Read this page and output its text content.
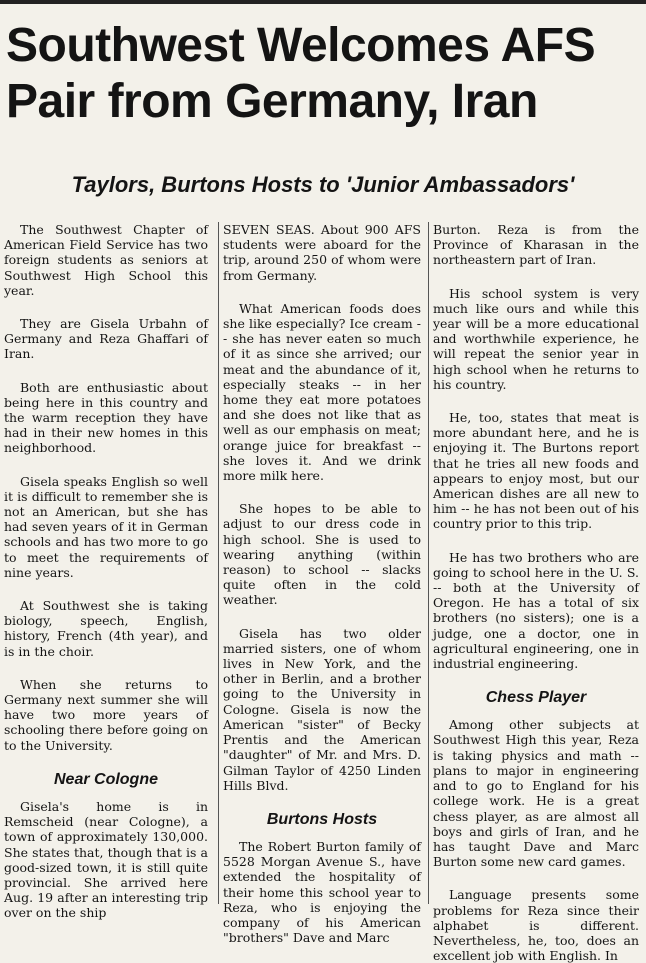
Southwest Welcomes AFS Pair from Germany, Iran
Taylors, Burtons Hosts to 'Junior Ambassadors'

The Southwest Chapter of American Field Service has two foreign students as seniors at Southwest High School this year.

They are Gisela Urbahn of Germany and Reza Ghaffari of Iran.

Both are enthusiastic about being here in this country and the warm reception they have had in their new homes in this neighborhood.

Gisela speaks English so well it is difficult to remember she is not an American, but she has had seven years of it in German schools and has two more to go to meet the requirements of nine years.

At Southwest she is taking biology, speech, English, history, French (4th year), and is in the choir.

When she returns to Germany next summer she will have two more years of schooling there before going on to the University.

Near Cologne

Gisela's home is in Remscheid (near Cologne), a town of approximately 130,000. She states that, though that is a good-sized town, it is still quite provincial. She arrived here Aug. 19 after an interesting trip over on the ship

SEVEN SEAS. About 900 AFS students were aboard for the trip, around 250 of whom were from Germany.

What American foods does she like especially? Ice cream -- she has never eaten so much of it as since she arrived; our meat and the abundance of it, especially steaks -- in her home they eat more potatoes and she does not like that as well as our emphasis on meat; orange juice for breakfast -- she loves it. And we drink more milk here.

She hopes to be able to adjust to our dress code in high school. She is used to wearing anything (within reason) to school -- slacks quite often in the cold weather.

Gisela has two older married sisters, one of whom lives in New York, and the other in Berlin, and a brother going to the University in Cologne. Gisela is now the American "sister" of Becky Prentis and the American "daughter" of Mr. and Mrs. D. Gilman Taylor of 4250 Linden Hills Blvd.

Burtons Hosts

The Robert Burton family of 5528 Morgan Avenue S., have extended the hospitality of their home this school year to Reza, who is enjoying the company of his American "brothers" Dave and Marc

Burton. Reza is from the Province of Kharasan in the northeastern part of Iran.

His school system is very much like ours and while this year will be a more educational and worthwhile experience, he will repeat the senior year in high school when he returns to his country.

He, too, states that meat is more abundant here, and he is enjoying it. The Burtons report that he tries all new foods and appears to enjoy most, but our American dishes are all new to him -- he has not been out of his country prior to this trip.

He has two brothers who are going to school here in the U. S. -- both at the University of Oregon. He has a total of six brothers (no sisters); one is a judge, one a doctor, one in agricultural engineering, one in industrial engineering.

Chess Player

Among other subjects at Southwest High this year, Reza is taking physics and math -- plans to major in engineering and to go to England for his college work. He is a great chess player, as are almost all boys and girls of Iran, and he has taught Dave and Marc Burton some new card games.

Language presents some problems for Reza since their alphabet is different. Nevertheless, he, too, does an excellent job with English. In
